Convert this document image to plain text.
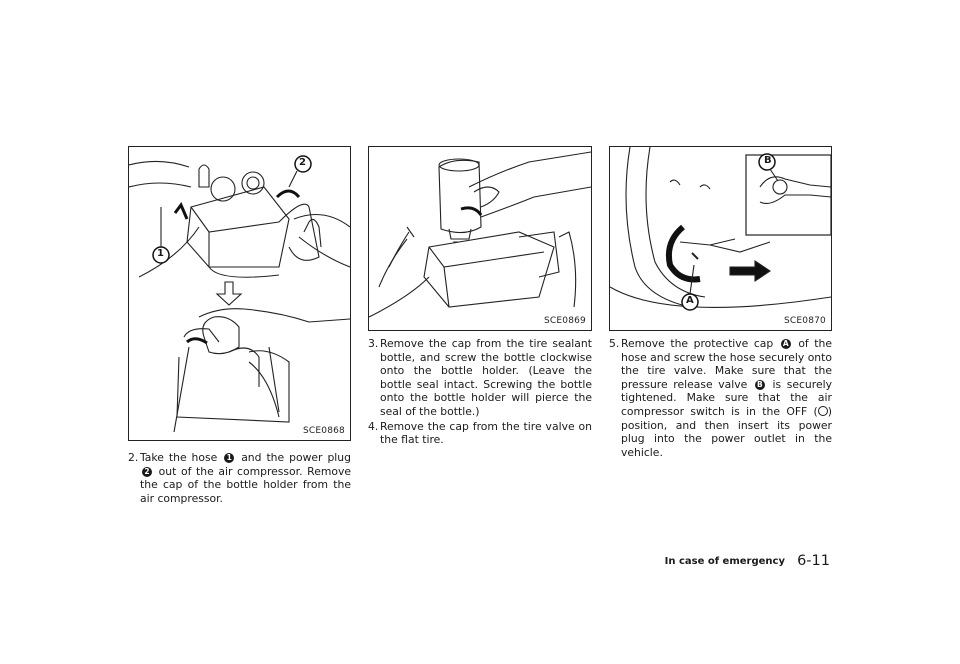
1
2
SCE0868
SCE0869
B
A
SCE0870

2. Take the hose 1 and the power plug 2 out of the air compressor. Remove the cap of the bottle holder from the air compressor.

3. Remove the cap from the tire sealant bottle, and screw the bottle clockwise onto the bottle holder. (Leave the bottle seal intact. Screwing the bottle onto the bottle holder will pierce the seal of the bottle.)

4. Remove the cap from the tire valve on the flat tire.

5. Remove the protective cap A of the hose and screw the hose securely onto the tire valve. Make sure that the pressure release valve B is securely tightened. Make sure that the air compressor switch is in the OFF ( ) position, and then insert its power plug into the power outlet in the vehicle.

In case of emergency 6-11
